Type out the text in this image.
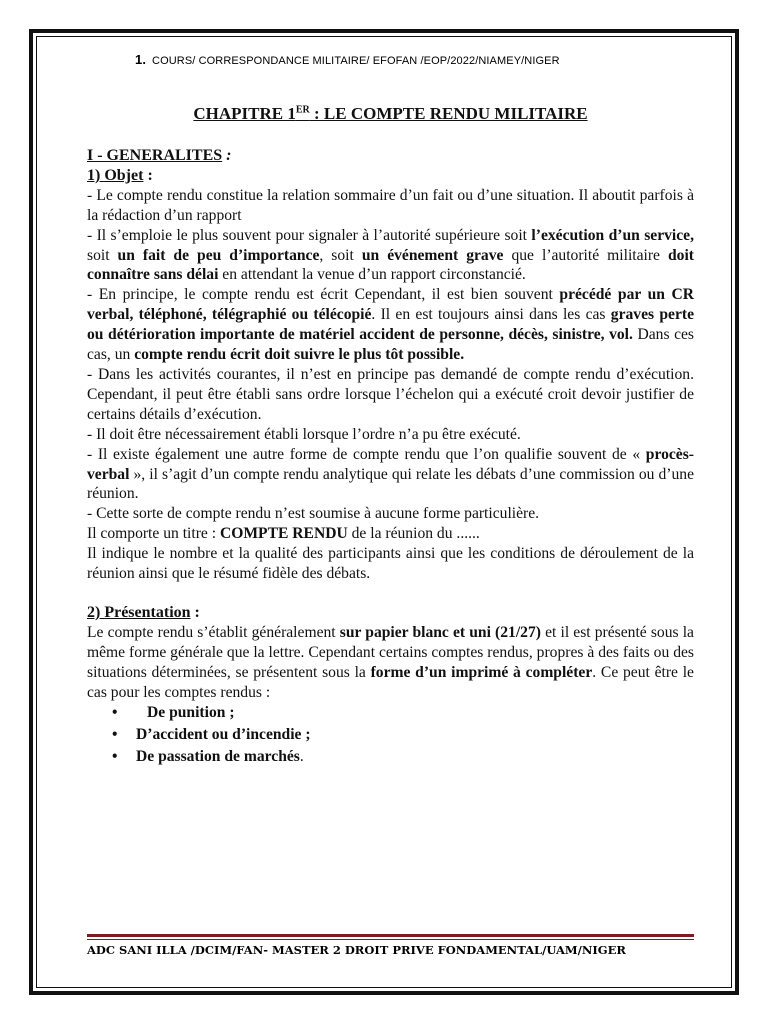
1. COURS/ CORRESPONDANCE MILITAIRE/ EFOFAN /EOP/2022/NIAMEY/NIGER
CHAPITRE 1ER : LE COMPTE RENDU MILITAIRE
I - GENERALITES :
1) Objet :

- Le compte rendu constitue la relation sommaire d’un fait ou d’une situation. Il aboutit parfois à la rédaction d’un rapport

- Il s’emploie le plus souvent pour signaler à l’autorité supérieure soit l’exécution d’un service, soit un fait de peu d’importance, soit un événement grave que l’autorité militaire doit connaître sans délai en attendant la venue d’un rapport circonstancié.

- En principe, le compte rendu est écrit Cependant, il est bien souvent précédé par un CR verbal, téléphoné, télégraphié ou télécopié. Il en est toujours ainsi dans les cas graves perte ou détérioration importante de matériel accident de personne, décès, sinistre, vol. Dans ces cas, un compte rendu écrit doit suivre le plus tôt possible.

- Dans les activités courantes, il n’est en principe pas demandé de compte rendu d’exécution. Cependant, il peut être établi sans ordre lorsque l’échelon qui a exécuté croit devoir justifier de certains détails d’exécution.

- Il doit être nécessairement établi lorsque l’ordre n’a pu être exécuté.

- Il existe également une autre forme de compte rendu que l’on qualifie souvent de « procès- verbal », il s’agit d’un compte rendu analytique qui relate les débats d’une commission ou d’une réunion.

- Cette sorte de compte rendu n’est soumise à aucune forme particulière.

Il comporte un titre : COMPTE RENDU de la réunion du ......

Il indique le nombre et la qualité des participants ainsi que les conditions de déroulement de la réunion ainsi que le résumé fidèle des débats.

2) Présentation :

Le compte rendu s’établit généralement sur papier blanc et uni (21/27) et il est présenté sous la même forme générale que la lettre. Cependant certains comptes rendus, propres à des faits ou des situations déterminées, se présentent sous la forme d’un imprimé à compléter. Ce peut être le cas pour les comptes rendus :

• De punition ;
• D’accident ou d’incendie ;
• De passation de marchés.
ADC SANI ILLA /DCIM/FAN- MASTER 2 DROIT PRIVE FONDAMENTAL/UAM/NIGER
